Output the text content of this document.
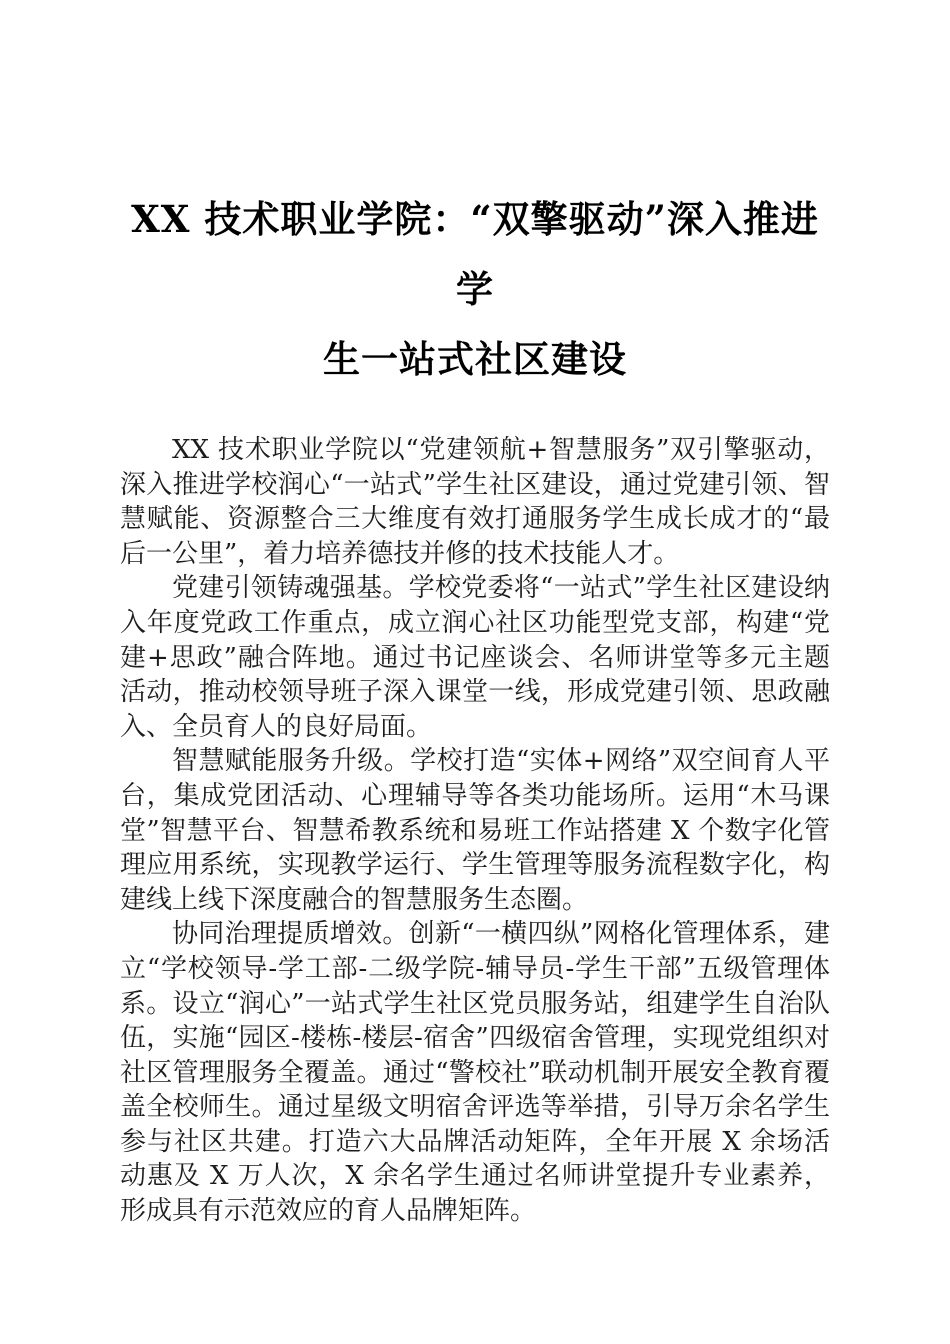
XX 技术职业学院：“双擎驱动”深入推进学
生一站式社区建设

XX 技术职业学院以“党建领航+智慧服务”双引擎驱动，深入推进学校润心“一站式”学生社区建设，通过党建引领、智慧赋能、资源整合三大维度有效打通服务学生成长成才的“最后一公里”，着力培养德技并修的技术技能人才。

党建引领铸魂强基。学校党委将“一站式”学生社区建设纳入年度党政工作重点，成立润心社区功能型党支部，构建“党建+思政”融合阵地。通过书记座谈会、名师讲堂等多元主题活动，推动校领导班子深入课堂一线，形成党建引领、思政融入、全员育人的良好局面。

智慧赋能服务升级。学校打造“实体+网络”双空间育人平台，集成党团活动、心理辅导等各类功能场所。运用“木马课堂”智慧平台、智慧希教系统和易班工作站搭建 X 个数字化管理应用系统，实现教学运行、学生管理等服务流程数字化，构建线上线下深度融合的智慧服务生态圈。

协同治理提质增效。创新“一横四纵”网格化管理体系，建立“学校领导-学工部-二级学院-辅导员-学生干部”五级管理体系。设立“润心”一站式学生社区党员服务站，组建学生自治队伍，实施“园区-楼栋-楼层-宿舍”四级宿舍管理，实现党组织对社区管理服务全覆盖。通过“警校社”联动机制开展安全教育覆盖全校师生。通过星级文明宿舍评选等举措，引导万余名学生参与社区共建。打造六大品牌活动矩阵，全年开展 X 余场活动惠及 X 万人次，X 余名学生通过名师讲堂提升专业素养，形成具有示范效应的育人品牌矩阵。
